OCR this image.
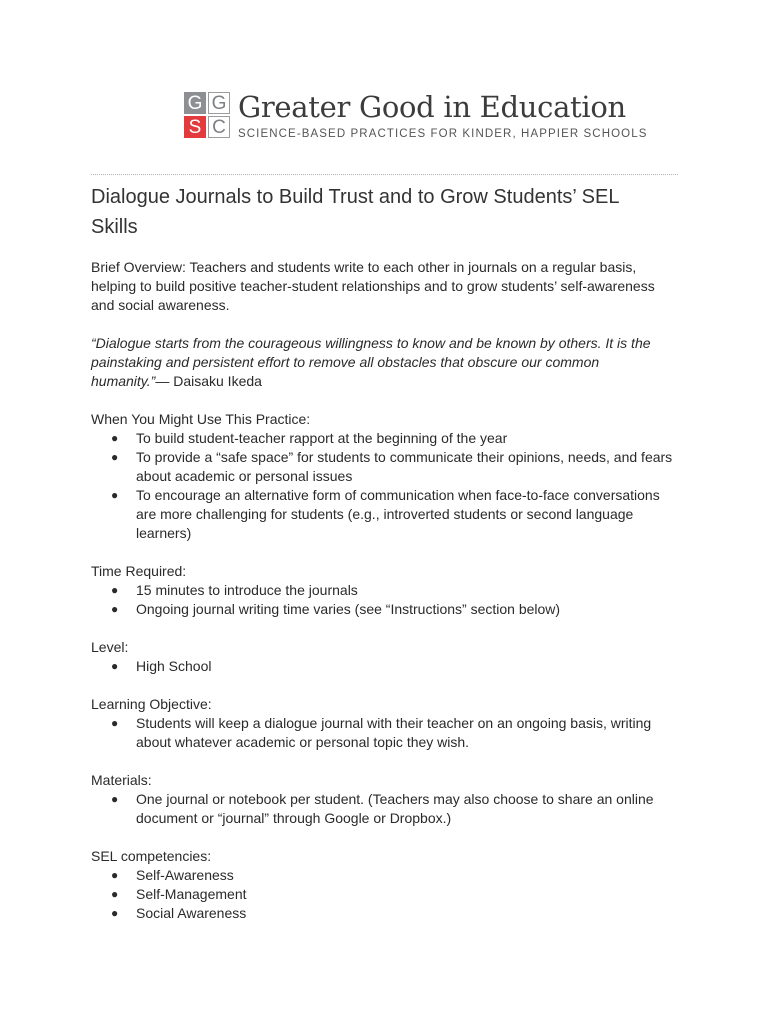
G G
S C
Greater Good in Education
SCIENCE-BASED PRACTICES FOR KINDER, HAPPIER SCHOOLS
Dialogue Journals to Build Trust and to Grow Students’ SEL Skills

Brief Overview: Teachers and students write to each other in journals on a regular basis, helping to build positive teacher-student relationships and to grow students’ self-awareness and social awareness.

“Dialogue starts from the courageous willingness to know and be known by others. It is the painstaking and persistent effort to remove all obstacles that obscure our common humanity.”— Daisaku Ikeda

When You Might Use This Practice:

● To build student-teacher rapport at the beginning of the year
● To provide a “safe space” for students to communicate their opinions, needs, and fears about academic or personal issues
● To encourage an alternative form of communication when face-to-face conversations are more challenging for students (e.g., introverted students or second language learners)

Time Required:

● 15 minutes to introduce the journals
● Ongoing journal writing time varies (see “Instructions” section below)

Level:

● High School

Learning Objective:

● Students will keep a dialogue journal with their teacher on an ongoing basis, writing about whatever academic or personal topic they wish.

Materials:

● One journal or notebook per student. (Teachers may also choose to share an online document or “journal” through Google or Dropbox.)

SEL competencies:

● Self-Awareness
● Self-Management
● Social Awareness
